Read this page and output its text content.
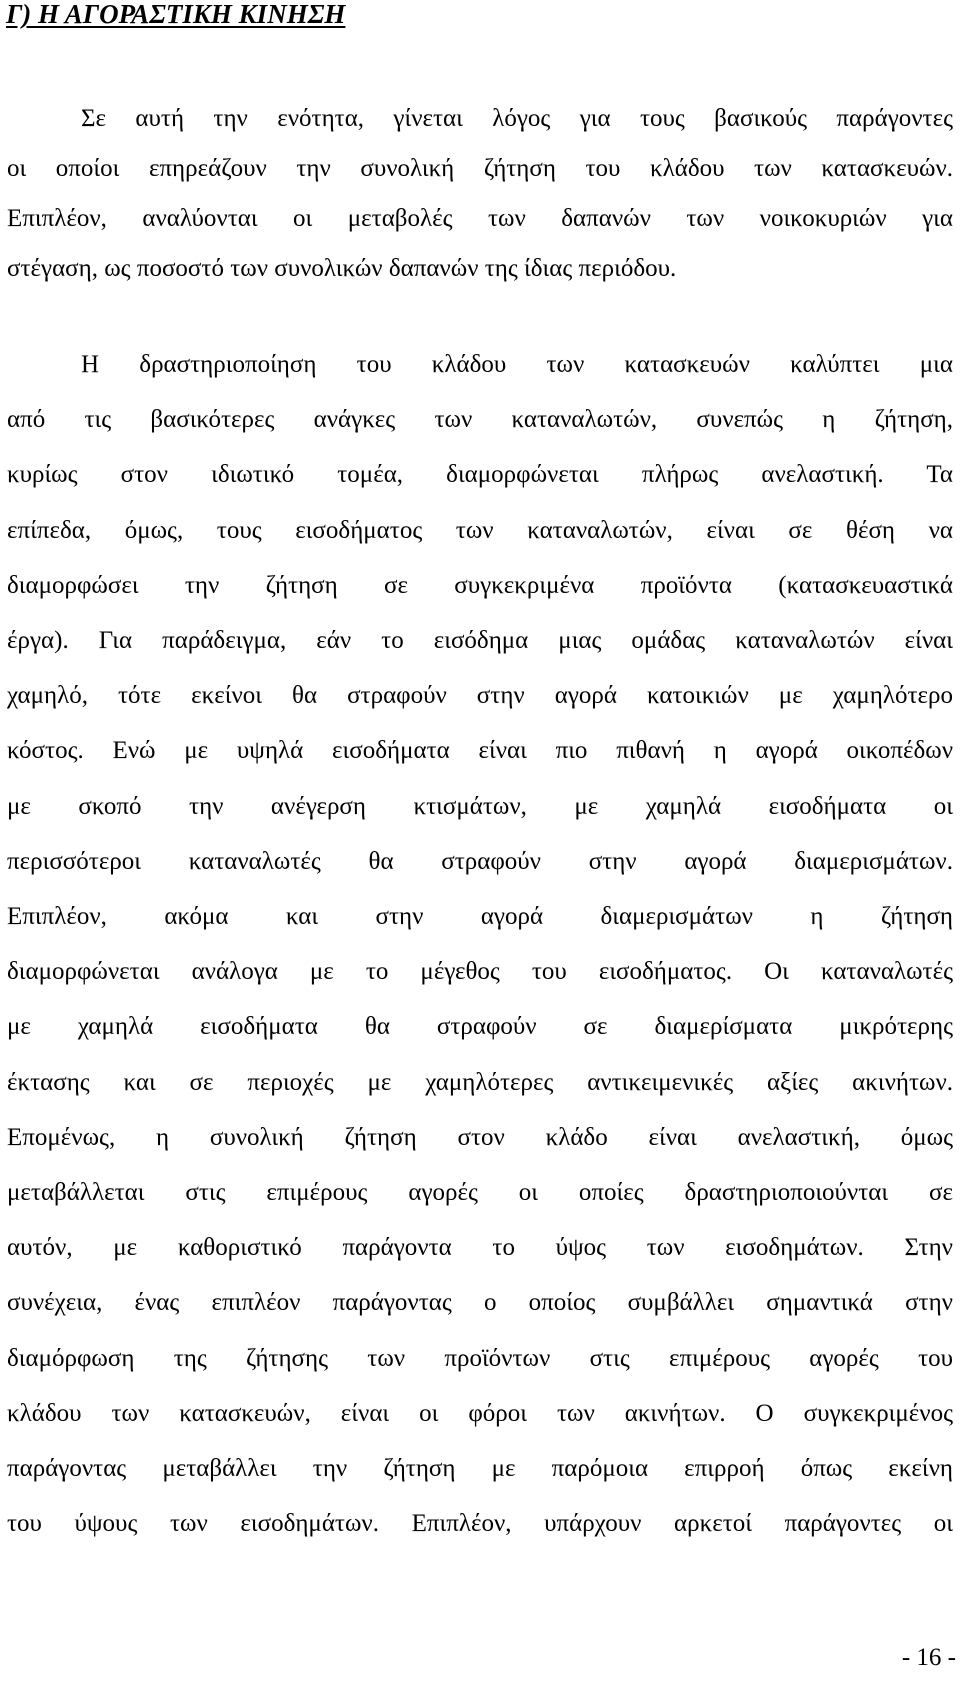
Γ) Η ΑΓΟΡΑΣΤΙΚΗ ΚΙΝΗΣΗ
Σε αυτή την ενότητα, γίνεται λόγος για τους βασικούς παράγοντες
οι οποίοι επηρεάζουν την συνολική ζήτηση του κλάδου των κατασκευών.
Επιπλέον, αναλύονται οι μεταβολές των δαπανών των νοικοκυριών για
στέγαση, ως ποσοστό των συνολικών δαπανών της ίδιας περιόδου.
Η δραστηριοποίηση του κλάδου των κατασκευών καλύπτει μια
από τις βασικότερες ανάγκες των καταναλωτών, συνεπώς η ζήτηση,
κυρίως στον ιδιωτικό τομέα, διαμορφώνεται πλήρως ανελαστική. Τα
επίπεδα, όμως, τους εισοδήματος των καταναλωτών, είναι σε θέση να
διαμορφώσει την ζήτηση σε συγκεκριμένα προϊόντα (κατασκευαστικά
έργα). Για παράδειγμα, εάν το εισόδημα μιας ομάδας καταναλωτών είναι
χαμηλό, τότε εκείνοι θα στραφούν στην αγορά κατοικιών με χαμηλότερο
κόστος. Ενώ με υψηλά εισοδήματα είναι πιο πιθανή η αγορά οικοπέδων
με σκοπό την ανέγερση κτισμάτων, με χαμηλά εισοδήματα οι
περισσότεροι καταναλωτές θα στραφούν στην αγορά διαμερισμάτων.
Επιπλέον, ακόμα και στην αγορά διαμερισμάτων η ζήτηση
διαμορφώνεται ανάλογα με το μέγεθος του εισοδήματος. Οι καταναλωτές
με χαμηλά εισοδήματα θα στραφούν σε διαμερίσματα μικρότερης
έκτασης και σε περιοχές με χαμηλότερες αντικειμενικές αξίες ακινήτων.
Επομένως, η συνολική ζήτηση στον κλάδο είναι ανελαστική, όμως
μεταβάλλεται στις επιμέρους αγορές οι οποίες δραστηριοποιούνται σε
αυτόν, με καθοριστικό παράγοντα το ύψος των εισοδημάτων. Στην
συνέχεια, ένας επιπλέον παράγοντας ο οποίος συμβάλλει σημαντικά στην
διαμόρφωση της ζήτησης των προϊόντων στις επιμέρους αγορές του
κλάδου των κατασκευών, είναι οι φόροι των ακινήτων. Ο συγκεκριμένος
παράγοντας μεταβάλλει την ζήτηση με παρόμοια επιρροή όπως εκείνη
του ύψους των εισοδημάτων. Επιπλέον, υπάρχουν αρκετοί παράγοντες οι
- 16 -
